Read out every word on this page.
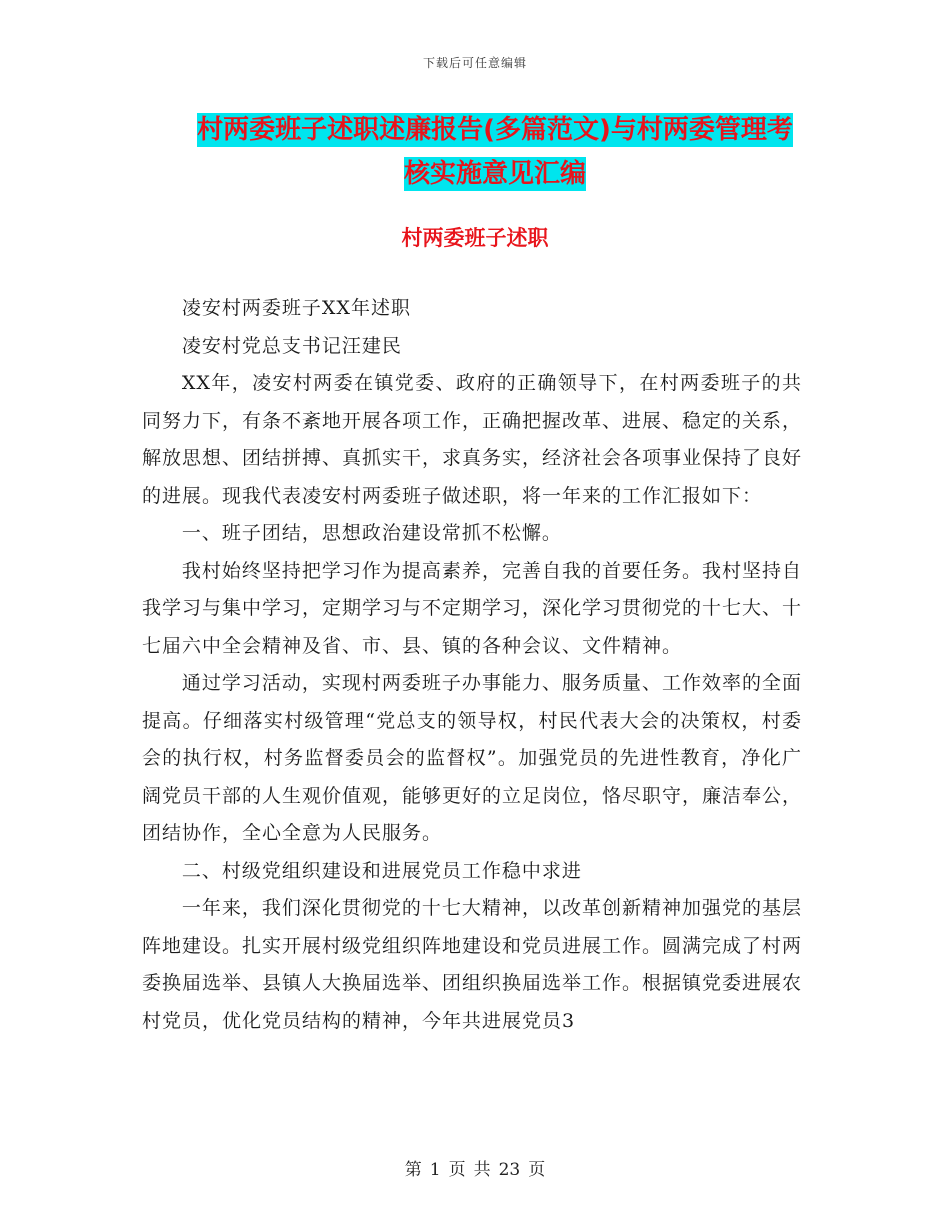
下载后可任意编辑
村两委班子述职述廉报告(多篇范文)与村两委管理考
核实施意见汇编
村两委班子述职

凌安村两委班子XX年述职

凌安村党总支书记汪建民

XX年，凌安村两委在镇党委、政府的正确领导下，在村两委班子的共同努力下，有条不紊地开展各项工作，正确把握改革、进展、稳定的关系，解放思想、团结拼搏、真抓实干，求真务实，经济社会各项事业保持了良好的进展。现我代表凌安村两委班子做述职，将一年来的工作汇报如下：

一、班子团结，思想政治建设常抓不松懈。

我村始终坚持把学习作为提高素养，完善自我的首要任务。我村坚持自我学习与集中学习，定期学习与不定期学习，深化学习贯彻党的十七大、十七届六中全会精神及省、市、县、镇的各种会议、文件精神。

通过学习活动，实现村两委班子办事能力、服务质量、工作效率的全面提高。仔细落实村级管理“党总支的领导权，村民代表大会的决策权，村委会的执行权，村务监督委员会的监督权”。加强党员的先进性教育，净化广阔党员干部的人生观价值观，能够更好的立足岗位，恪尽职守，廉洁奉公，团结协作，全心全意为人民服务。

二、村级党组织建设和进展党员工作稳中求进

一年来，我们深化贯彻党的十七大精神，以改革创新精神加强党的基层阵地建设。扎实开展村级党组织阵地建设和党员进展工作。圆满完成了村两委换届选举、县镇人大换届选举、团组织换届选举工作。根据镇党委进展农村党员，优化党员结构的精神，今年共进展党员3

第 1 页 共 23 页
